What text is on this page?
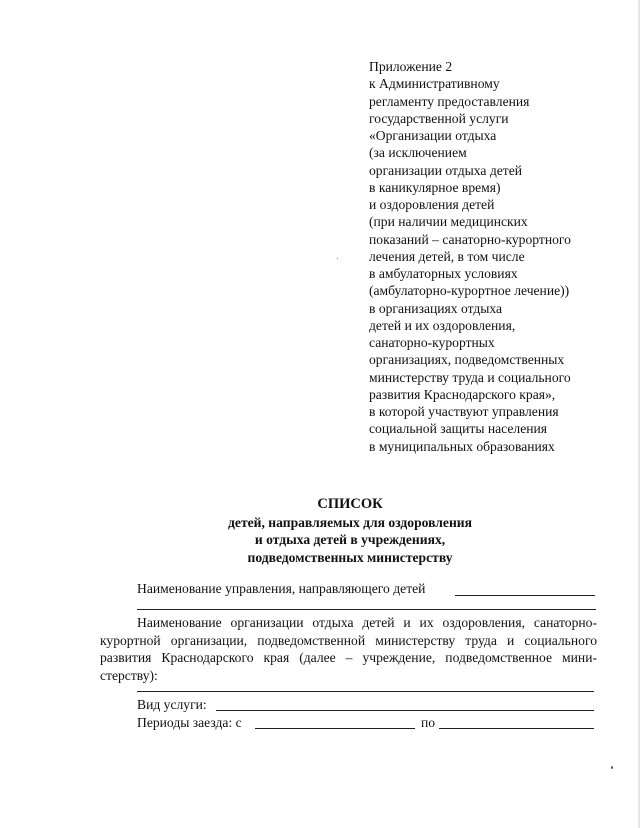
Приложение 2
к Административному
регламенту предоставления
государственной услуги
«Организации отдыха
(за исключением
организации отдыха детей
в каникулярное время)
и оздоровления детей
(при наличии медицинских
показаний – санаторно-курортного
лечения детей, в том числе
в амбулаторных условиях
(амбулаторно-курортное лечение))
в организациях отдыха
детей и их оздоровления,
санаторно-курортных
организациях, подведомственных
министерству труда и социального
развития Краснодарского края»,
в которой участвуют управления
социальной защиты населения
в муниципальных образованиях
СПИСОК
детей, направляемых для оздоровления
и отдыха детей в учреждениях,
подведомственных министерству
Наименование управления, направляющего детей
Наименование организации отдыха детей и их оздоровления, санаторно-
курортной организации, подведомственной министерству труда и социального
развития Краснодарского края (далее – учреждение, подведомственное мини-
стерству):
Вид услуги:
Периоды заезда: с	по
